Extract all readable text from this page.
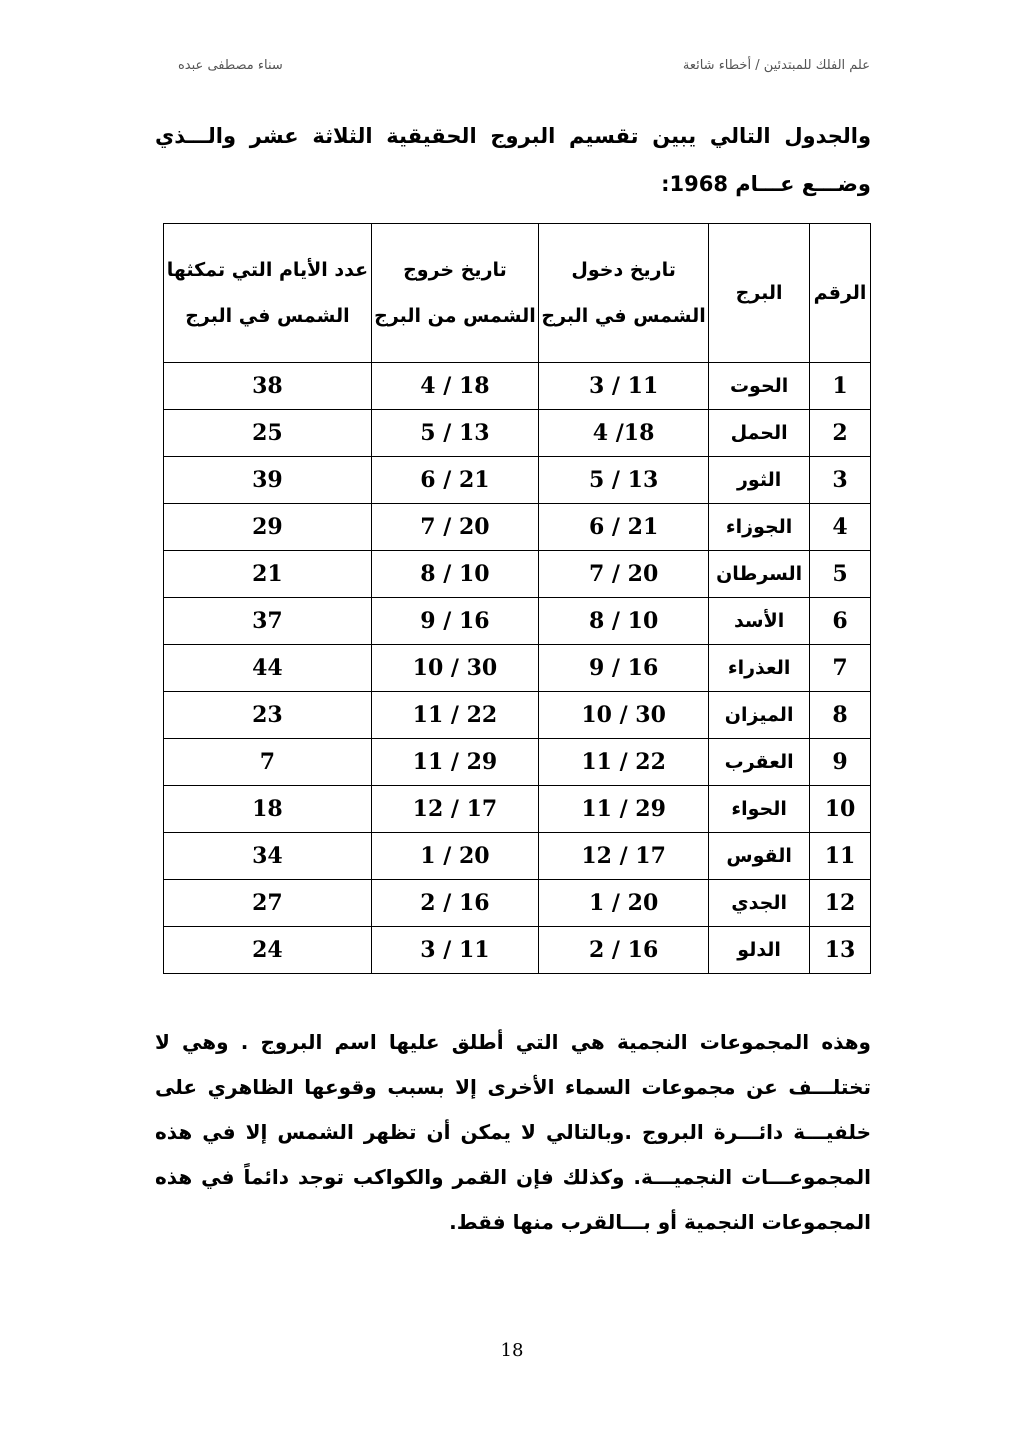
علم الفلك للمبتدئين / أخطاء شائعة
سناء مصطفى عبده
والجدول التالي يبين تقسيم البروج الحقيقية الثلاثة عشر والـــذي وضـــع عـــام 1968:
الرقم	البرج	تاريخ دخول الشمس في البرج	تاريخ خروج الشمس من البرج	عدد الأيام التي تمكثها الشمس في البرج
1	الحوت	3 / 11	4 / 18	38
2	الحمل	4 /18	5 / 13	25
3	الثور	5 / 13	6 / 21	39
4	الجوزاء	6 / 21	7 / 20	29
5	السرطان	7 / 20	8 / 10	21
6	الأسد	8 / 10	9 / 16	37
7	العذراء	9 / 16	10 / 30	44
8	الميزان	10 / 30	11 / 22	23
9	العقرب	11 / 22	11 / 29	7
10	الحواء	11 / 29	12 / 17	18
11	القوس	12 / 17	1 / 20	34
12	الجدي	1 / 20	2 / 16	27
13	الدلو	2 / 16	3 / 11	24
وهذه المجموعات النجمية هي التي أطلق عليها اسم البروج . وهي لا تختلـــف عن مجموعات السماء الأخرى إلا بسبب وقوعها الظاهري على خلفيـــة دائـــرة البروج .وبالتالي لا يمكن أن تظهر الشمس إلا في هذه المجموعـــات النجميـــة. وكذلك فإن القمر والكواكب توجد دائماً في هذه المجموعات النجمية أو بـــالقرب منها فقط.
18
